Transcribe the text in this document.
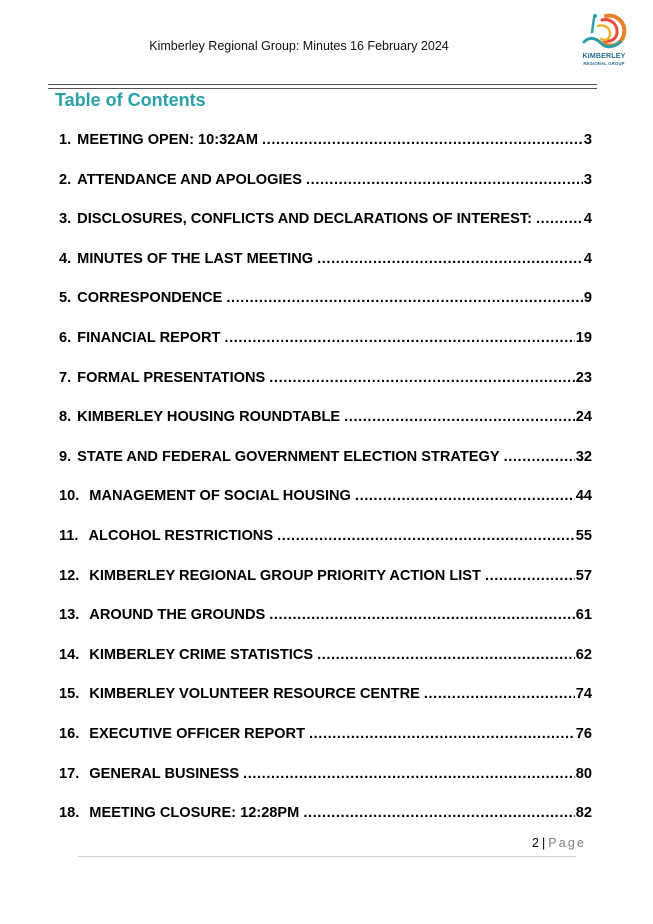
Kimberley Regional Group: Minutes 16 February 2024
KIMBERLEY
REGIONAL GROUP
Table of Contents
1. MEETING OPEN: 10:32AM .....	3
2. ATTENDANCE AND APOLOGIES .....	3
3. DISCLOSURES, CONFLICTS AND DECLARATIONS OF INTEREST: .....	4
4. MINUTES OF THE LAST MEETING .....	4
5. CORRESPONDENCE .....	9
6. FINANCIAL REPORT .....	19
7. FORMAL PRESENTATIONS .....	23
8. KIMBERLEY HOUSING ROUNDTABLE .....	24
9. STATE AND FEDERAL GOVERNMENT ELECTION STRATEGY .....	32
10. MANAGEMENT OF SOCIAL HOUSING .....	44
11. ALCOHOL RESTRICTIONS .....	55
12. KIMBERLEY REGIONAL GROUP PRIORITY ACTION LIST .....	57
13. AROUND THE GROUNDS .....	61
14. KIMBERLEY CRIME STATISTICS .....	62
15. KIMBERLEY VOLUNTEER RESOURCE CENTRE .....	74
16. EXECUTIVE OFFICER REPORT .....	76
17. GENERAL BUSINESS .....	80
18. MEETING CLOSURE: 12:28PM .....	82
2 | Page
